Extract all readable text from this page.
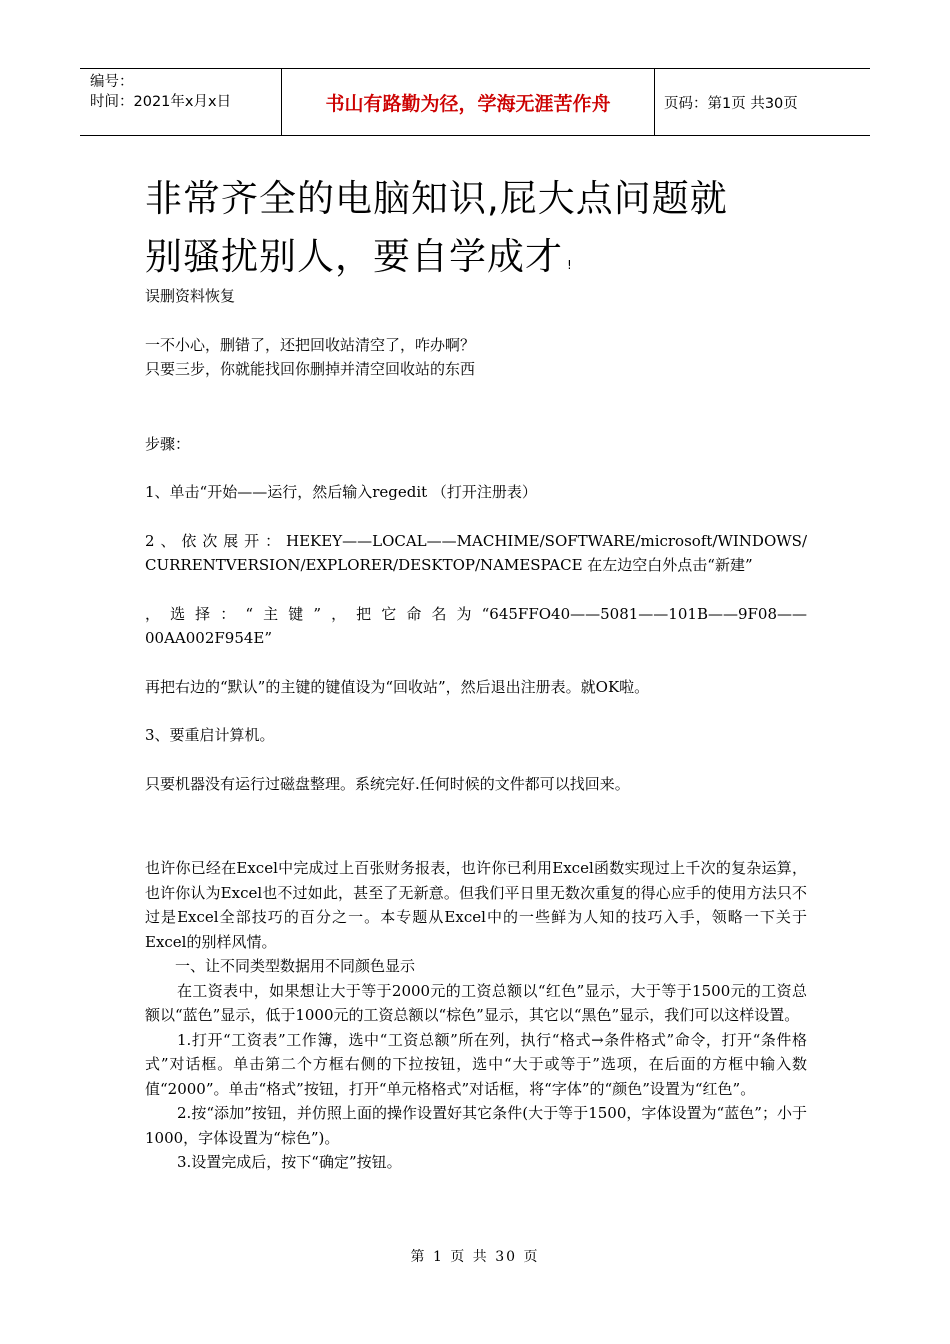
编号：
时间：2021年x月x日	书山有路勤为径，学海无涯苦作舟	页码：第1页 共30页
非常齐全的电脑知识,屁大点问题就
别骚扰别人，要自学成才 !

误删资料恢复

一不小心，删错了，还把回收站清空了，咋办啊？

只要三步，你就能找回你删掉并清空回收站的东西

步骤：

1、单击“开始——运行，然后输入regedit （打开注册表）

2、依次展开：HEKEY——LOCAL——MACHIME/SOFTWARE/microsoft/WINDOWS/

CURRENTVERSION/EXPLORER/DESKTOP/NAMESPACE 在左边空白外点击“新建”

，选择：“主键”，把它命名为“645FFO40——5081——101B——9F08——

00AA002F954E”

再把右边的“默认”的主键的键值设为“回收站”，然后退出注册表。就OK啦。

3、要重启计算机。

只要机器没有运行过磁盘整理。系统完好.任何时候的文件都可以找回来。

也许你已经在Excel中完成过上百张财务报表，也许你已利用Excel函数实现过上千次的复杂运算，也许你认为Excel也不过如此，甚至了无新意。但我们平日里无数次重复的得心应手的使用方法只不过是Excel全部技巧的百分之一。本专题从Excel中的一些鲜为人知的技巧入手，领略一下关于Excel的别样风情。

一、让不同类型数据用不同颜色显示

在工资表中，如果想让大于等于2000元的工资总额以“红色”显示，大于等于1500元的工资总额以“蓝色”显示，低于1000元的工资总额以“棕色”显示，其它以“黑色”显示，我们可以这样设置。

1.打开“工资表”工作簿，选中“工资总额”所在列，执行“格式→条件格式”命令，打开“条件格式”对话框。单击第二个方框右侧的下拉按钮，选中“大于或等于”选项，在后面的方框中输入数值“2000”。单击“格式”按钮，打开“单元格格式”对话框，将“字体”的“颜色”设置为“红色”。

2.按“添加”按钮，并仿照上面的操作设置好其它条件(大于等于1500，字体设置为“蓝色”；小于1000，字体设置为“棕色”)。

3.设置完成后，按下“确定”按钮。

第 1 页 共 30 页
